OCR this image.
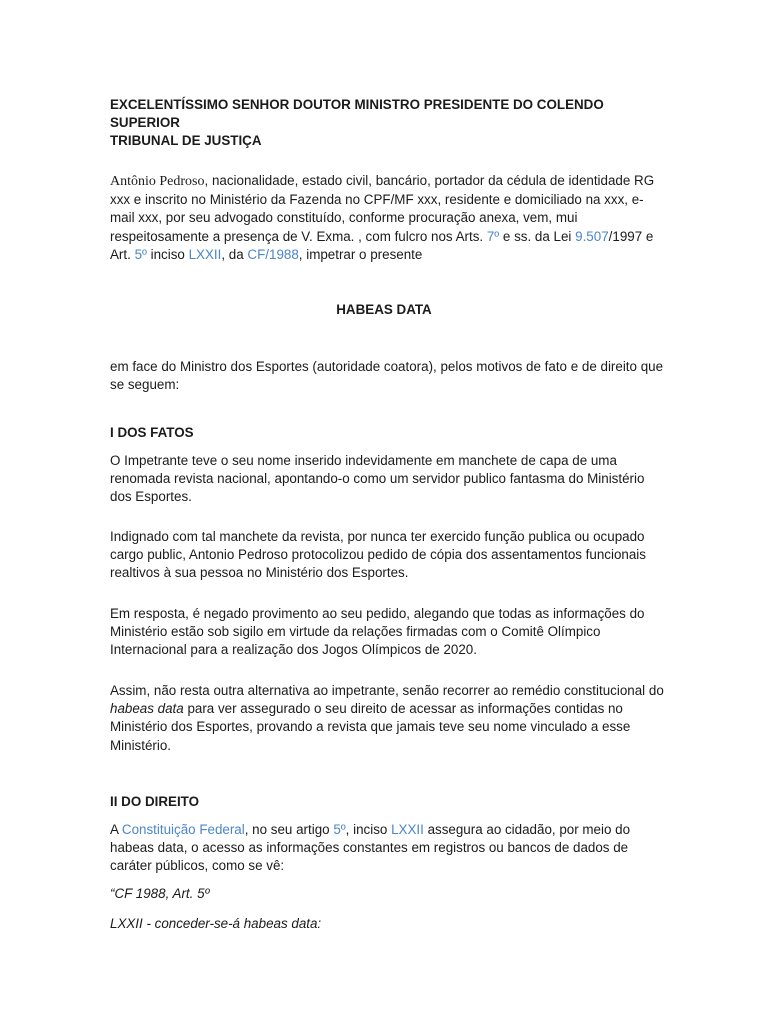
EXCELENTÍSSIMO SENHOR DOUTOR MINISTRO PRESIDENTE DO COLENDO SUPERIOR
TRIBUNAL DE JUSTIÇA

Antônio Pedroso, nacionalidade, estado civil, bancário, portador da cédula de identidade RG xxx e inscrito no Ministério da Fazenda no CPF/MF xxx, residente e domiciliado na xxx, e-mail xxx, por seu advogado constituído, conforme procuração anexa, vem, mui respeitosamente a presença de V. Exma. , com fulcro nos Arts. 7º e ss. da Lei 9.507/1997 e Art. 5º inciso LXXII, da CF/1988, impetrar o presente

HABEAS DATA

em face do Ministro dos Esportes (autoridade coatora), pelos motivos de fato e de direito que se seguem:

I DOS FATOS

O Impetrante teve o seu nome inserido indevidamente em manchete de capa de uma renomada revista nacional, apontando-o como um servidor publico fantasma do Ministério dos Esportes.

Indignado com tal manchete da revista, por nunca ter exercido função publica ou ocupado cargo public, Antonio Pedroso protocolizou pedido de cópia dos assentamentos funcionais realtivos à sua pessoa no Ministério dos Esportes.

Em resposta, é negado provimento ao seu pedido, alegando que todas as informações do Ministério estão sob sigilo em virtude da relações firmadas com o Comitê Olímpico Internacional para a realização dos Jogos Olímpicos de 2020.

Assim, não resta outra alternativa ao impetrante, senão recorrer ao remédio constitucional do habeas data para ver assegurado o seu direito de acessar as informações contidas no Ministério dos Esportes, provando a revista que jamais teve seu nome vinculado a esse Ministério.

II DO DIREITO

A Constituição Federal, no seu artigo 5º, inciso LXXII assegura ao cidadão, por meio do habeas data, o acesso as informações constantes em registros ou bancos de dados de caráter públicos, como se vê:

“CF 1988, Art. 5º

LXXII - conceder-se-á habeas data:
